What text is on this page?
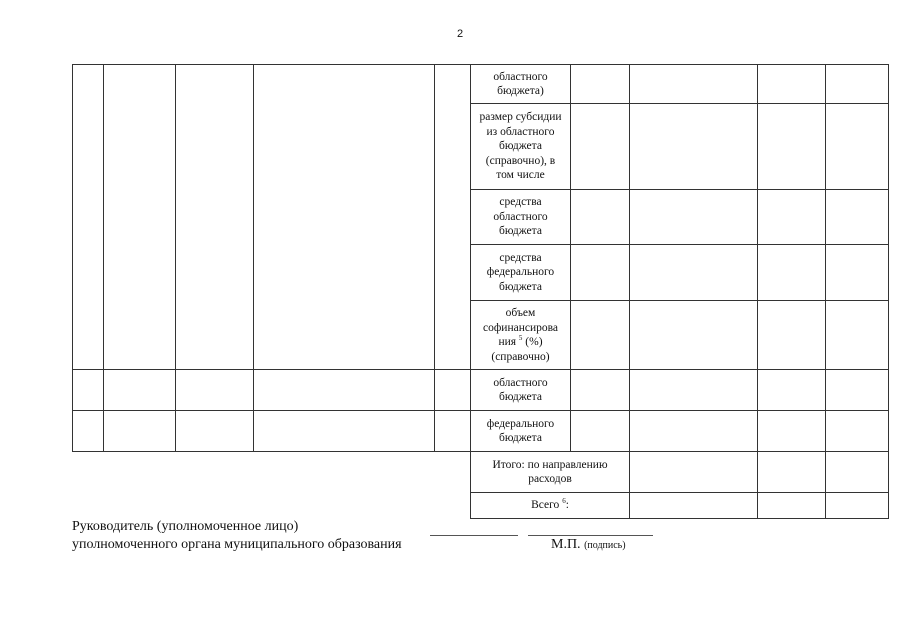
2
областного
бюджета)
размер субсидии
из областного
бюджета
(справочно), в
том числе
средства
областного
бюджета
средства
федерального
бюджета
объем
софинансирова
ния $^5$ (%)
(справочно)
областного
бюджета
федерального
бюджета
Итого: по направлению
расходов
Всего $^6$:
Руководитель (уполномоченное лицо)
уполномоченного органа муниципального образования	М.П. (подпись)
